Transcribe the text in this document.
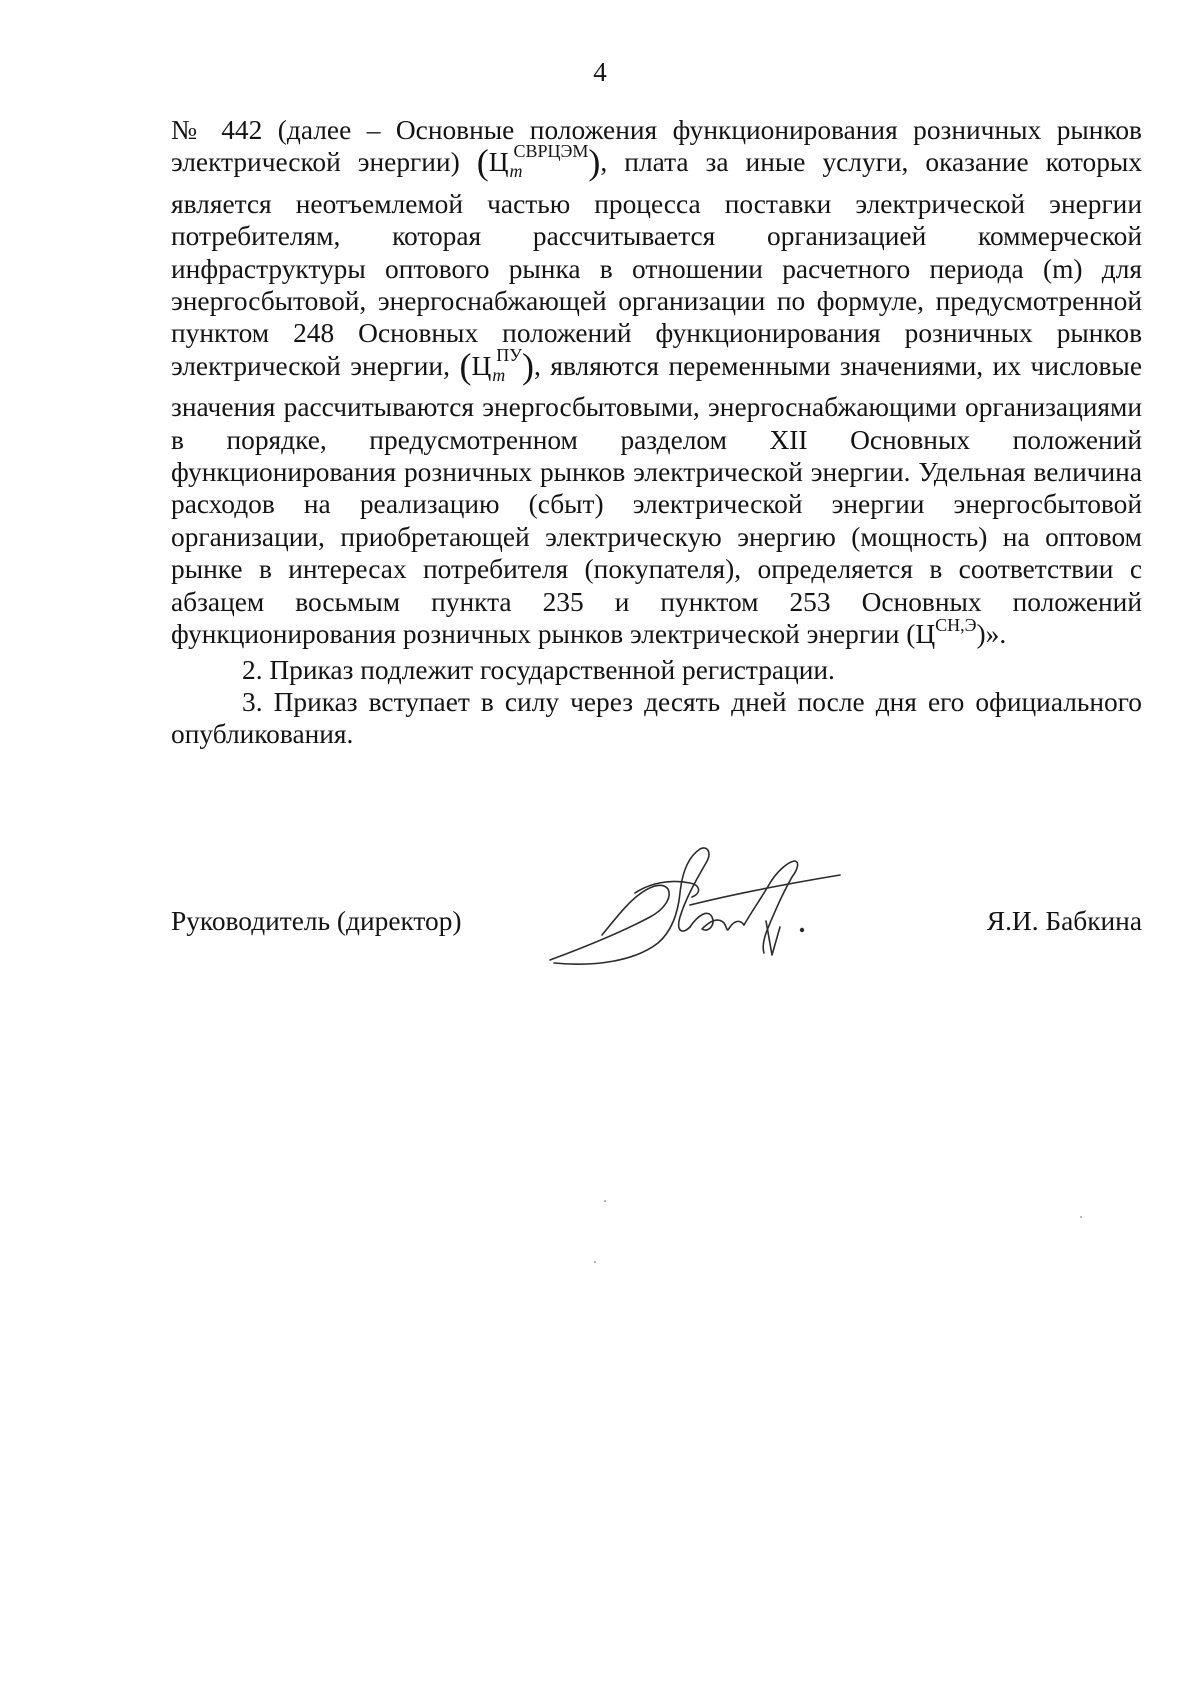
4

№ 442 (далее – Основные положения функционирования розничных рынков электрической энергии) $(Ц_m^{СВРЦЭМ})$, плата за иные услуги, оказание которых является неотъемлемой частью процесса поставки электрической энергии потребителям, которая рассчитывается организацией коммерческой инфраструктуры оптового рынка в отношении расчетного периода (m) для энергосбытовой, энергоснабжающей организации по формуле, предусмотренной пунктом 248 Основных положений функционирования розничных рынков электрической энергии, $(Ц_m^{ПУ})$, являются переменными значениями, их числовые значения рассчитываются энергосбытовыми, энергоснабжающими организациями в порядке, предусмотренном разделом XII Основных положений функционирования розничных рынков электрической энергии. Удельная величина расходов на реализацию (сбыт) электрической энергии энергосбытовой организации, приобретающей электрическую энергию (мощность) на оптовом рынке в интересах потребителя (покупателя), определяется в соответствии с абзацем восьмым пункта 235 и пунктом 253 Основных положений функционирования розничных рынков электрической энергии $(Ц^{СН,Э})$».

2. Приказ подлежит государственной регистрации.

3. Приказ вступает в силу через десять дней после дня его официального опубликования.

Руководитель (директор)	Я.И. Бабкина
